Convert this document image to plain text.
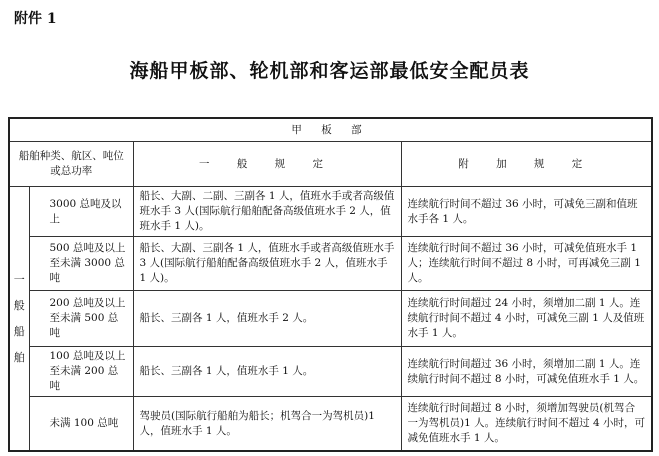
附件 1
海船甲板部、轮机部和客运部最低安全配员表
甲 板 部			
船舶种类、航区、吨位或总功率		一 般 规 定	附 加 规 定

一
般
船
舶	3000 总吨及以上	船长、大副、二副、三副各 1 人，值班水手或者高级值班水手 3 人(国际航行船舶配备高级值班水手 2 人，值班水手 1 人)。	连续航行时间不超过 36 小时，可减免三副和值班水手各 1 人。
	500 总吨及以上至未满 3000 总吨	船长、大副、三副各 1 人，值班水手或者高级值班水手 3 人(国际航行船舶配备高级值班水手 2 人，值班水手 1 人)。	连续航行时间不超过 36 小时，可减免值班水手 1 人；连续航行时间不超过 8 小时，可再减免三副 1 人。
	200 总吨及以上至未满 500 总吨	船长、三副各 1 人，值班水手 2 人。	连续航行时间超过 24 小时，须增加二副 1 人。连续航行时间不超过 4 小时，可减免三副 1 人及值班水手 1 人。
	100 总吨及以上至未满 200 总吨	船长、三副各 1 人，值班水手 1 人。	连续航行时间超过 36 小时，须增加二副 1 人。连续航行时间不超过 8 小时，可减免值班水手 1 人。
	未满 100 总吨	驾驶员(国际航行船舶为船长；机驾合一为驾机员)1 人，值班水手 1 人。	连续航行时间超过 8 小时，须增加驾驶员(机驾合一为驾机员)1 人。连续航行时间不超过 4 小时，可减免值班水手 1 人。
